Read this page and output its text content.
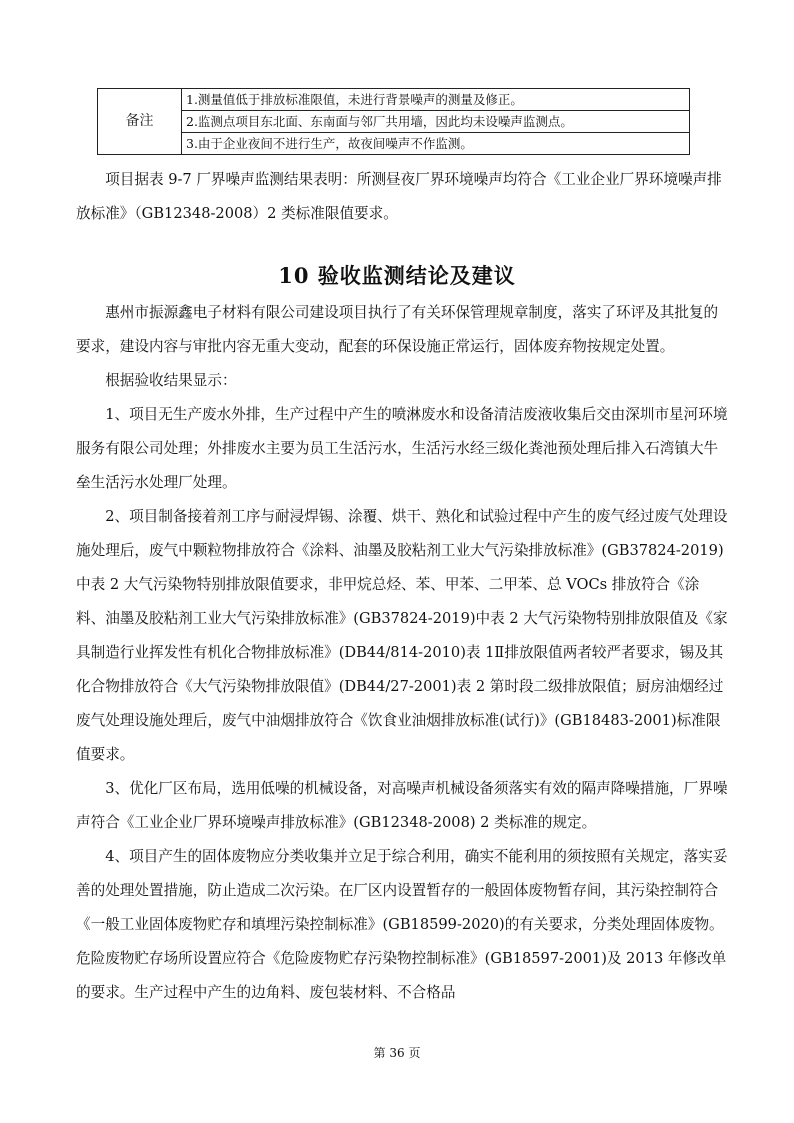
备注	
1.测量值低于排放标准限值，未进行背景噪声的测量及修正。

2.监测点项目东北面、东南面与邻厂共用墙，因此均未设噪声监测点。

3.由于企业夜间不进行生产，故夜间噪声不作监测。

项目据表 9-7 厂界噪声监测结果表明：所测昼夜厂界环境噪声均符合《工业企业厂界环境噪声排放标准》（GB12348-2008）2 类标准限值要求。

10 验收监测结论及建议

惠州市振源鑫电子材料有限公司建设项目执行了有关环保管理规章制度，落实了环评及其批复的要求，建设内容与审批内容无重大变动，配套的环保设施正常运行，固体废弃物按规定处置。

根据验收结果显示：

1、项目无生产废水外排，生产过程中产生的喷淋废水和设备清洁废液收集后交由深圳市星河环境服务有限公司处理；外排废水主要为员工生活污水，生活污水经三级化粪池预处理后排入石湾镇大牛垒生活污水处理厂处理。

2、项目制备接着剂工序与耐浸焊锡、涂覆、烘干、熟化和试验过程中产生的废气经过废气处理设施处理后，废气中颗粒物排放符合《涂料、油墨及胶粘剂工业大气污染排放标准》(GB37824-2019)中表 2 大气污染物特别排放限值要求，非甲烷总烃、苯、甲苯、二甲苯、总 VOCs 排放符合《涂料、油墨及胶粘剂工业大气污染排放标准》(GB37824-2019)中表 2 大气污染物特别排放限值及《家具制造行业挥发性有机化合物排放标准》(DB44/814-2010)表 1Ⅱ排放限值两者较严者要求，锡及其化合物排放符合《大气污染物排放限值》(DB44/27-2001)表 2 第时段二级排放限值；厨房油烟经过废气处理设施处理后，废气中油烟排放符合《饮食业油烟排放标准(试行)》(GB18483-2001)标准限值要求。

3、优化厂区布局，选用低噪的机械设备，对高噪声机械设备须落实有效的隔声降噪措施，厂界噪声符合《工业企业厂界环境噪声排放标准》(GB12348-2008) 2 类标准的规定。

4、项目产生的固体废物应分类收集并立足于综合利用，确实不能利用的须按照有关规定，落实妥善的处理处置措施，防止造成二次污染。在厂区内设置暂存的一般固体废物暂存间，其污染控制符合《一般工业固体废物贮存和填埋污染控制标准》(GB18599-2020)的有关要求，分类处理固体废物。危险废物贮存场所设置应符合《危险废物贮存污染物控制标准》(GB18597-2001)及 2013 年修改单的要求。生产过程中产生的边角料、废包装材料、不合格品

第 36 页
